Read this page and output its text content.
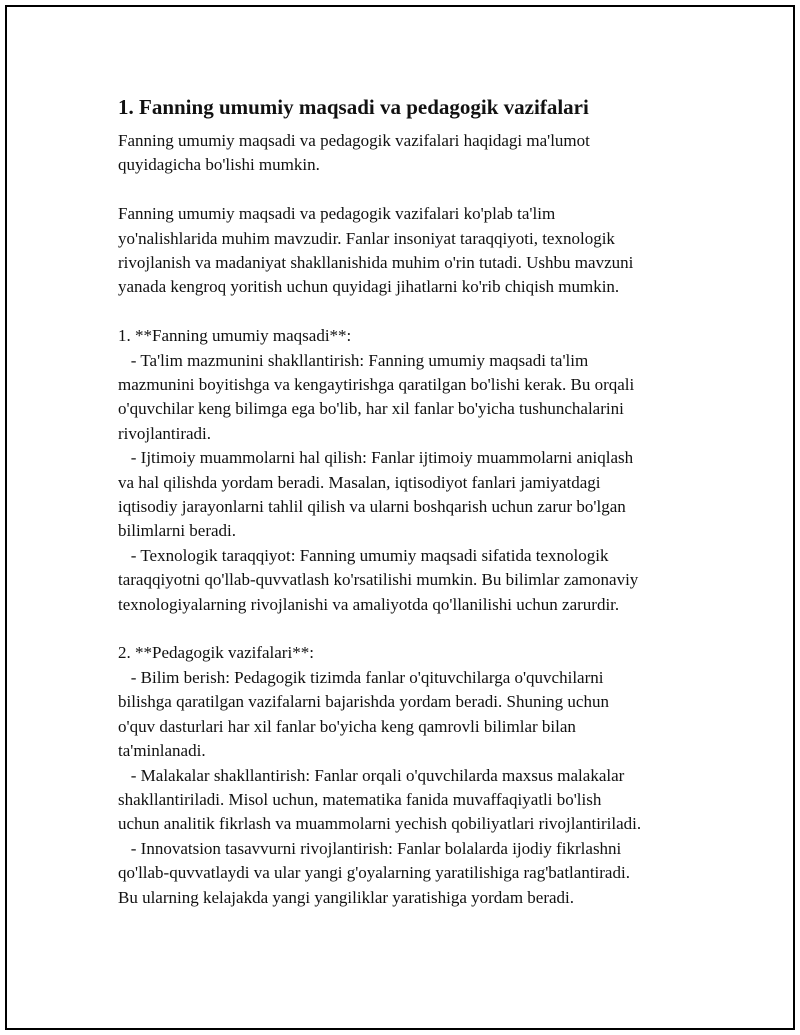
1. Fanning umumiy maqsadi va pedagogik vazifalari

Fanning umumiy maqsadi va pedagogik vazifalari haqidagi ma'lumot
quyidagicha bo'lishi mumkin.

Fanning umumiy maqsadi va pedagogik vazifalari ko'plab ta'lim
yo'nalishlarida muhim mavzudir. Fanlar insoniyat taraqqiyoti, texnologik
rivojlanish va madaniyat shakllanishida muhim o'rin tutadi. Ushbu mavzuni
yanada kengroq yoritish uchun quyidagi jihatlarni ko'rib chiqish mumkin.

1. **Fanning umumiy maqsadi**:

- Ta'lim mazmunini shakllantirish: Fanning umumiy maqsadi ta'lim
mazmunini boyitishga va kengaytirishga qaratilgan bo'lishi kerak. Bu orqali
o'quvchilar keng bilimga ega bo'lib, har xil fanlar bo'yicha tushunchalarini
rivojlantiradi.

- Ijtimoiy muammolarni hal qilish: Fanlar ijtimoiy muammolarni aniqlash
va hal qilishda yordam beradi. Masalan, iqtisodiyot fanlari jamiyatdagi
iqtisodiy jarayonlarni tahlil qilish va ularni boshqarish uchun zarur bo'lgan
bilimlarni beradi.

- Texnologik taraqqiyot: Fanning umumiy maqsadi sifatida texnologik
taraqqiyotni qo'llab-quvvatlash ko'rsatilishi mumkin. Bu bilimlar zamonaviy
texnologiyalarning rivojlanishi va amaliyotda qo'llanilishi uchun zarurdir.

2. **Pedagogik vazifalari**:

- Bilim berish: Pedagogik tizimda fanlar o'qituvchilarga o'quvchilarni
bilishga qaratilgan vazifalarni bajarishda yordam beradi. Shuning uchun
o'quv dasturlari har xil fanlar bo'yicha keng qamrovli bilimlar bilan
ta'minlanadi.

- Malakalar shakllantirish: Fanlar orqali o'quvchilarda maxsus malakalar
shakllantiriladi. Misol uchun, matematika fanida muvaffaqiyatli bo'lish
uchun analitik fikrlash va muammolarni yechish qobiliyatlari rivojlantiriladi.

- Innovatsion tasavvurni rivojlantirish: Fanlar bolalarda ijodiy fikrlashni
qo'llab-quvvatlaydi va ular yangi g'oyalarning yaratilishiga rag'batlantiradi.
Bu ularning kelajakda yangi yangiliklar yaratishiga yordam beradi.
